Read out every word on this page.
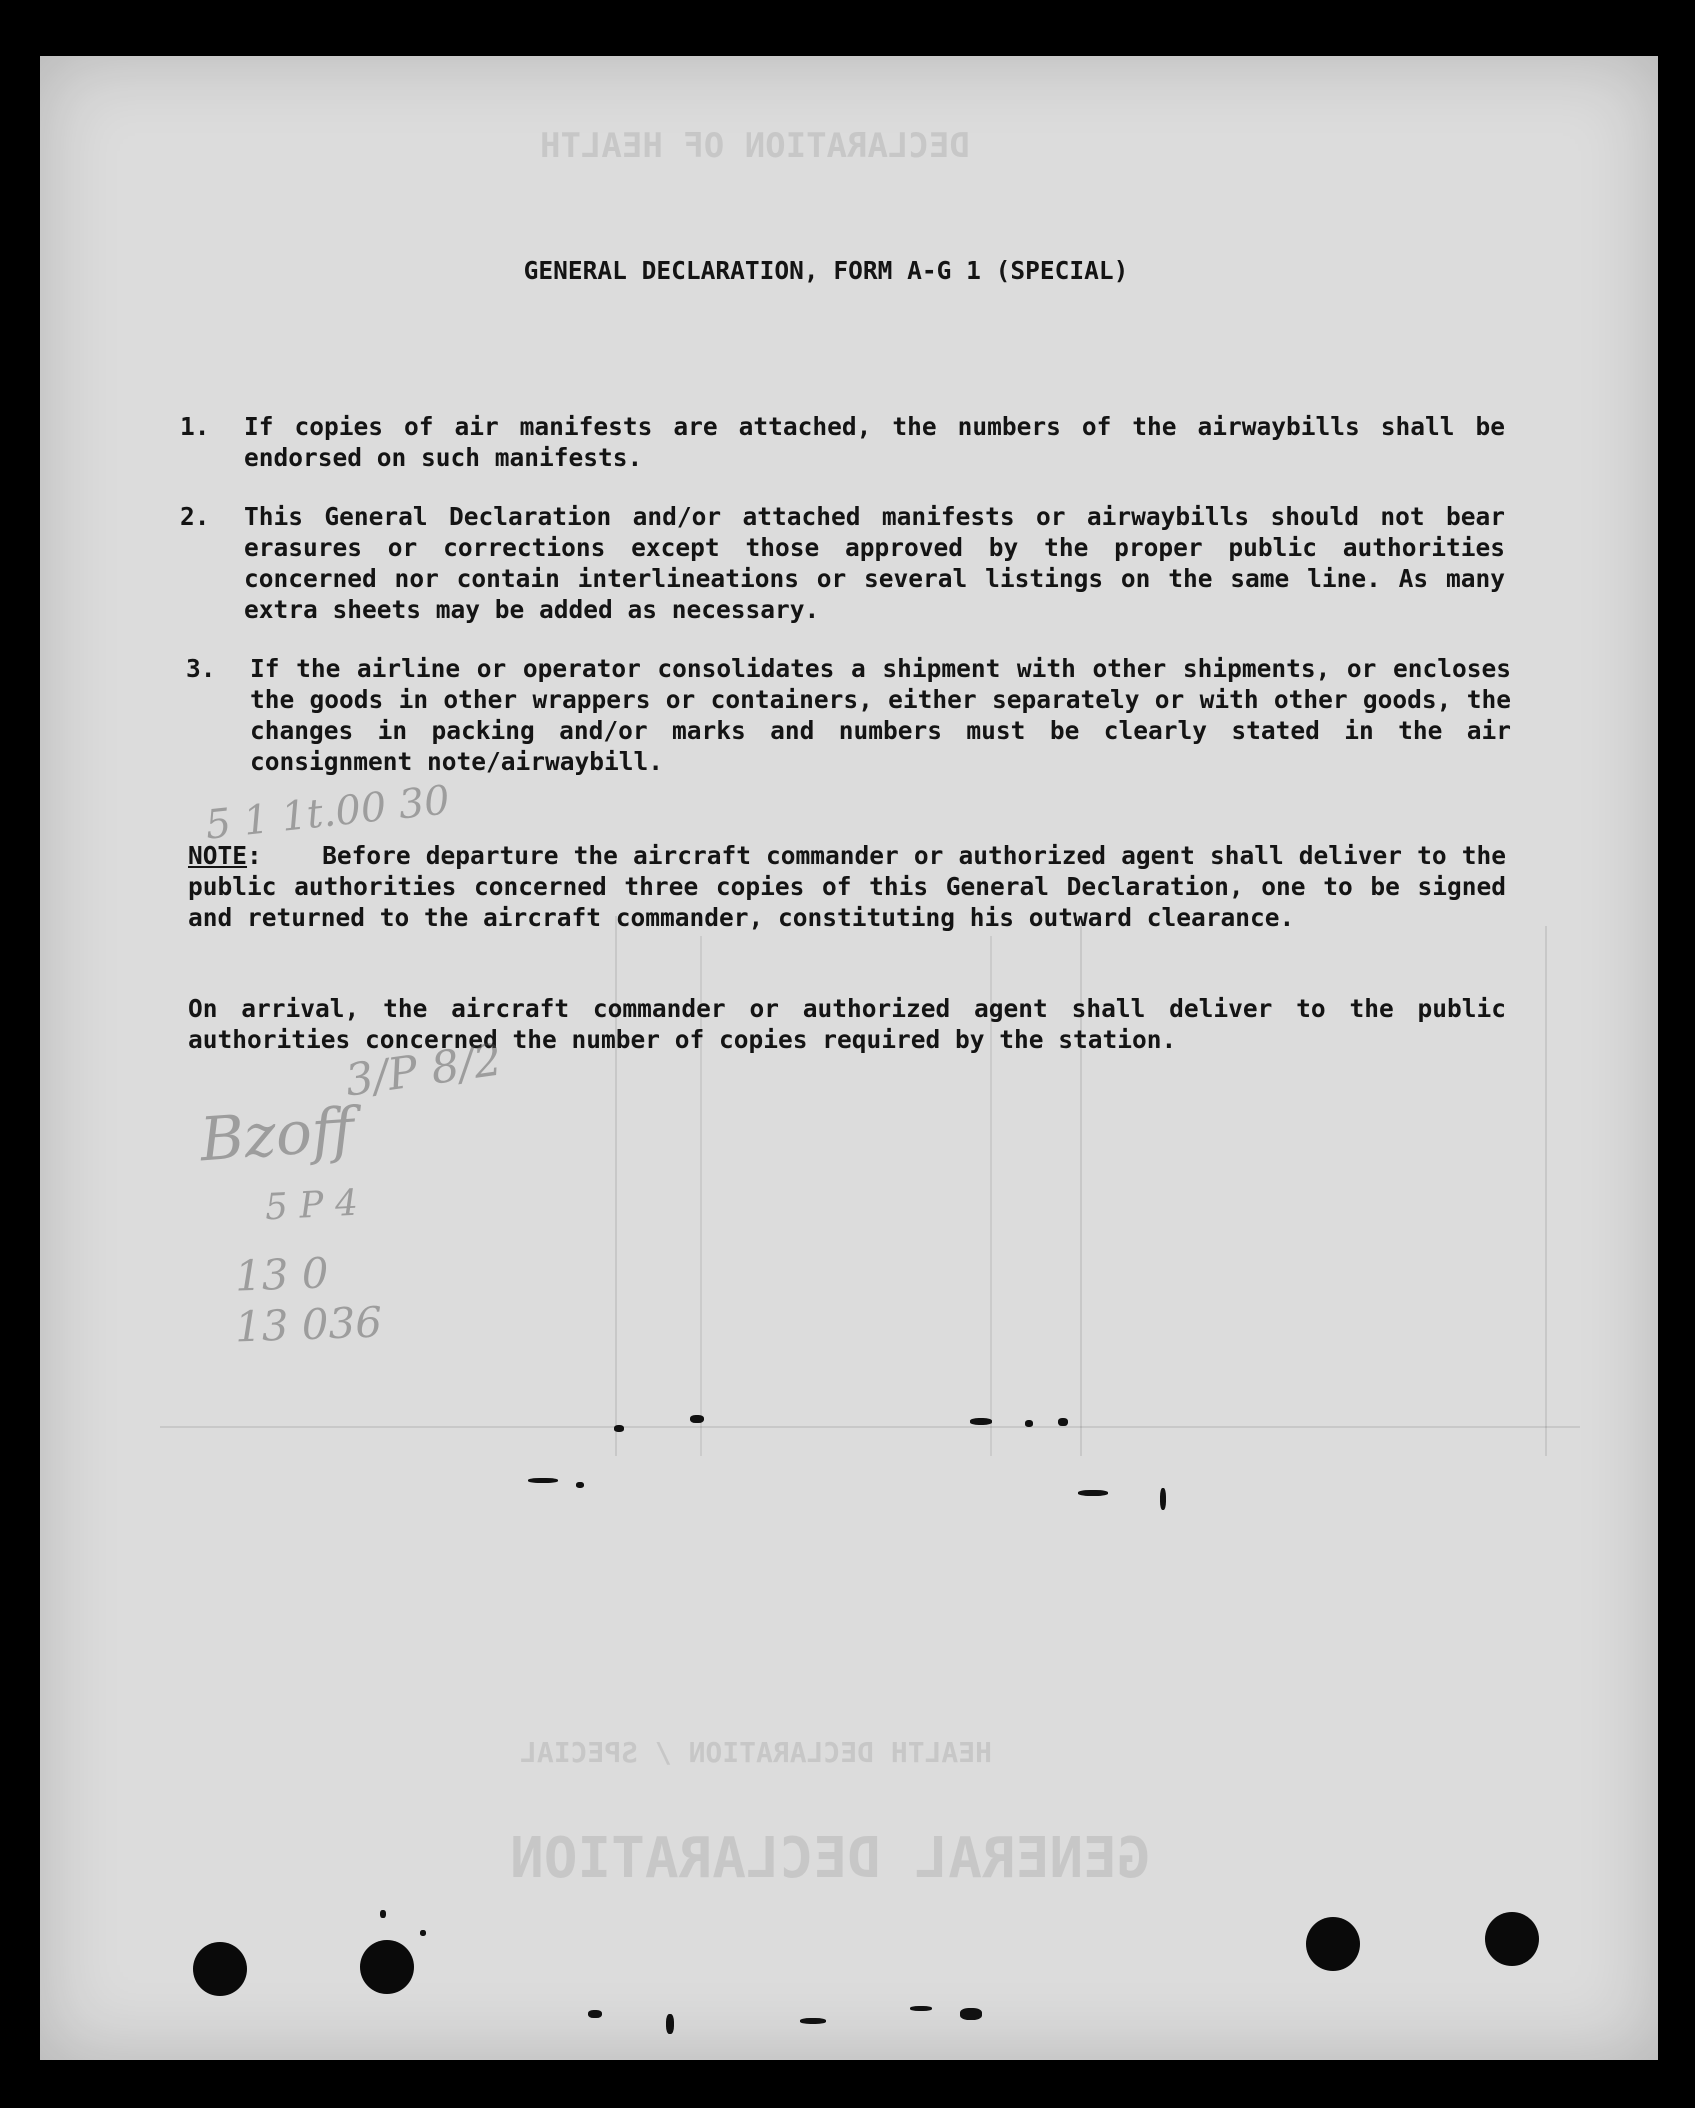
GENERAL DECLARATION
HEALTH DECLARATION / SPECIAL
DECLARATION OF HEALTH
GENERAL DECLARATION, FORM A-G 1 (SPECIAL)
1. If copies of air manifests are attached, the numbers of the airwaybills shall be endorsed on such manifests.
2. This General Declaration and/or attached manifests or airwaybills should not bear erasures or corrections except those approved by the proper public authorities concerned nor contain interlineations or several listings on the same line. As many extra sheets may be added as necessary.
3. If the airline or operator consolidates a shipment with other shipments, or encloses the goods in other wrappers or containers, either separately or with other goods, the changes in packing and/or marks and numbers must be clearly stated in the air consignment note/airwaybill.
NOTE:    Before departure the aircraft commander or authorized agent shall deliver to the public authorities concerned three copies of this General Declaration, one to be signed and returned to the aircraft commander, constituting his outward clearance.
On arrival, the aircraft commander or authorized agent shall deliver to the public authorities concerned the number of copies required by the station.
5 1 1t.00 30
3/P 8/2
Bzoff
5 P 4
13 0
13 036
